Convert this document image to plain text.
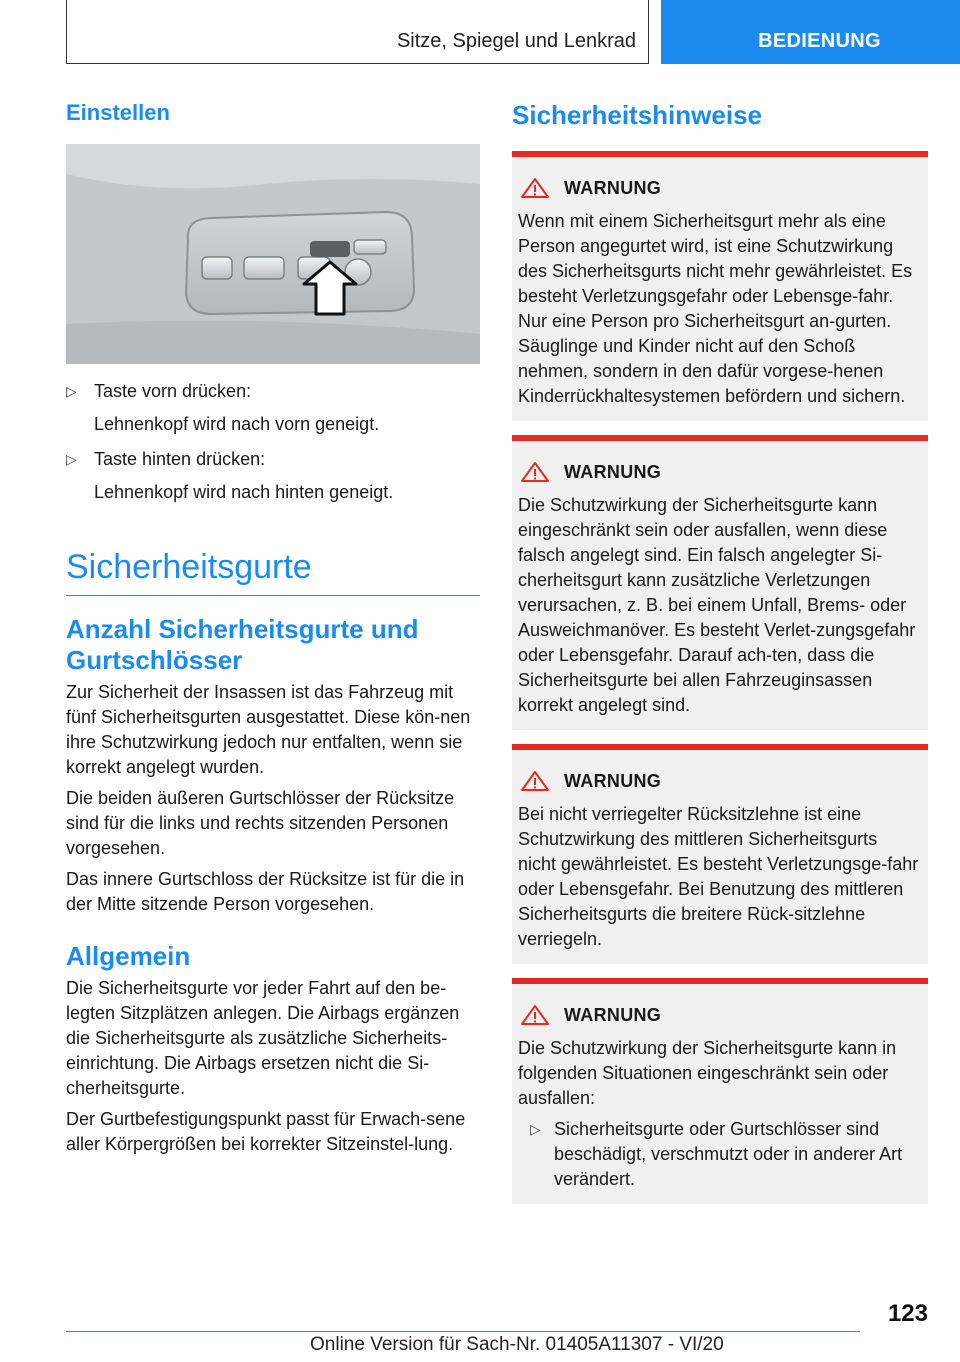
Sitze, Spiegel und Lenkrad	BEDIENUNG
Einstellen
▷ Taste vorn drücken:
Lehnenkopf wird nach vorn geneigt.
▷ Taste hinten drücken:
Lehnenkopf wird nach hinten geneigt.
Sicherheitsgurte
Anzahl Sicherheitsgurte und Gurtschlösser

Zur Sicherheit der Insassen ist das Fahrzeug mit fünf Sicherheitsgurten ausgestattet. Diese kön-nen ihre Schutzwirkung jedoch nur entfalten, wenn sie korrekt angelegt wurden.

Die beiden äußeren Gurtschlösser der Rücksitze sind für die links und rechts sitzenden Personen vorgesehen.

Das innere Gurtschloss der Rücksitze ist für die in der Mitte sitzende Person vorgesehen.

Allgemein

Die Sicherheitsgurte vor jeder Fahrt auf den be-legten Sitzplätzen anlegen. Die Airbags ergänzen die Sicherheitsgurte als zusätzliche Sicherheits-einrichtung. Die Airbags ersetzen nicht die Si-cherheitsgurte.

Der Gurtbefestigungspunkt passt für Erwach-sene aller Körpergrößen bei korrekter Sitzeinstel-lung.

Sicherheitshinweise
WARNUNG

Wenn mit einem Sicherheitsgurt mehr als eine Person angegurtet wird, ist eine Schutzwirkung des Sicherheitsgurts nicht mehr gewährleistet. Es besteht Verletzungsgefahr oder Lebensge-fahr. Nur eine Person pro Sicherheitsgurt an-gurten. Säuglinge und Kinder nicht auf den Schoß nehmen, sondern in den dafür vorgese-henen Kinderrückhaltesystemen befördern und sichern.

WARNUNG

Die Schutzwirkung der Sicherheitsgurte kann eingeschränkt sein oder ausfallen, wenn diese falsch angelegt sind. Ein falsch angelegter Si-cherheitsgurt kann zusätzliche Verletzungen verursachen, z. B. bei einem Unfall, Brems- oder Ausweichmanöver. Es besteht Verlet-zungsgefahr oder Lebensgefahr. Darauf ach-ten, dass die Sicherheitsgurte bei allen Fahrzeuginsassen korrekt angelegt sind.

WARNUNG

Bei nicht verriegelter Rücksitzlehne ist eine Schutzwirkung des mittleren Sicherheitsgurts nicht gewährleistet. Es besteht Verletzungsge-fahr oder Lebensgefahr. Bei Benutzung des mittleren Sicherheitsgurts die breitere Rück-sitzlehne verriegeln.

WARNUNG

Die Schutzwirkung der Sicherheitsgurte kann in folgenden Situationen eingeschränkt sein oder ausfallen:

▷ Sicherheitsgurte oder Gurtschlösser sind beschädigt, verschmutzt oder in anderer Art verändert.
123
Online Version für Sach-Nr. 01405A11307 - VI/20
